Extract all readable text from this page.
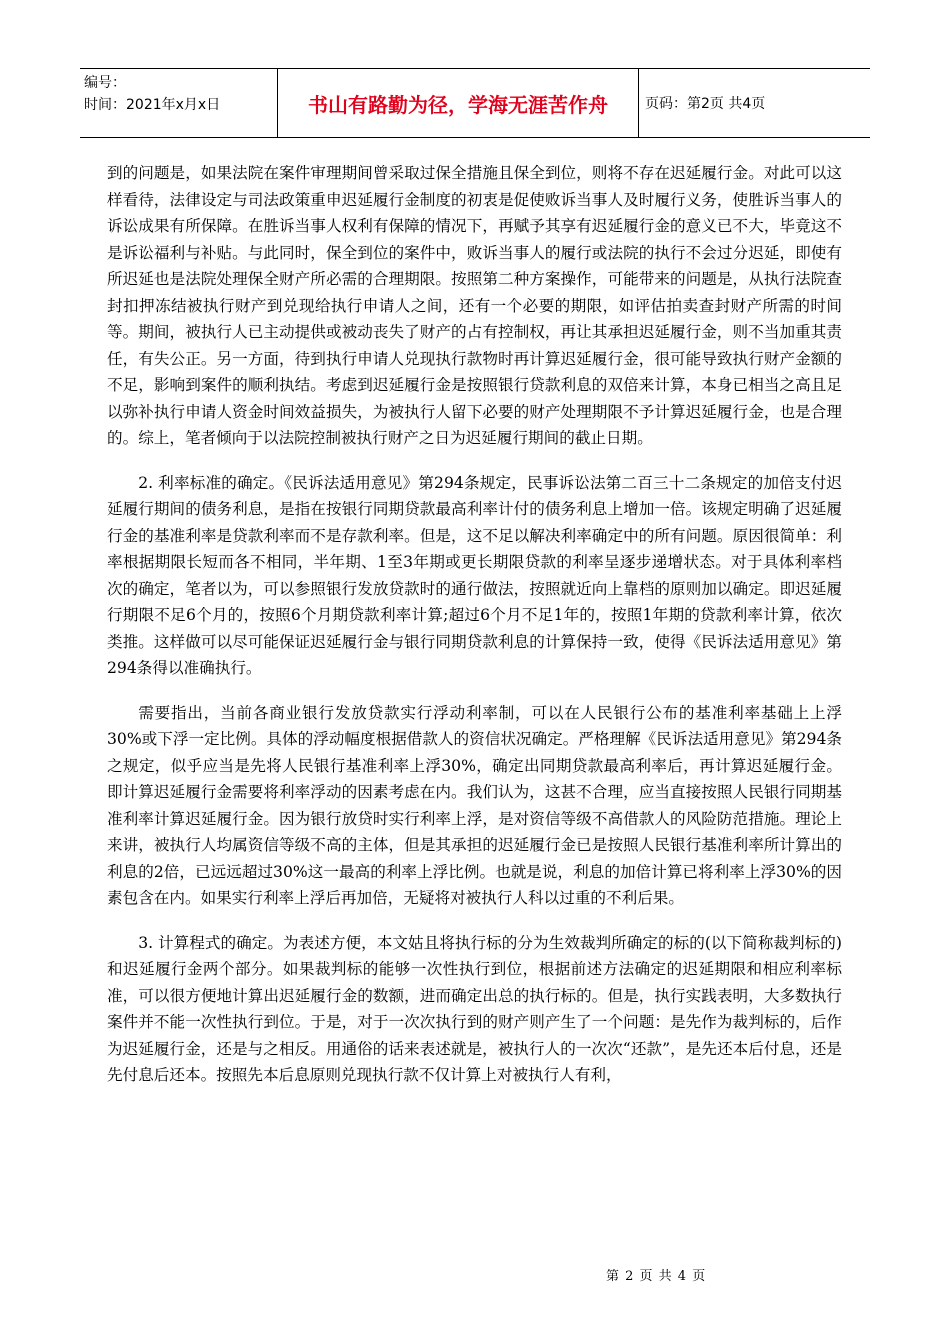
编号：
时间：2021年x月x日	书山有路勤为径，学海无涯苦作舟	页码：第2页 共4页

到的问题是，如果法院在案件审理期间曾采取过保全措施且保全到位，则将不存在迟延履行金。对此可以这样看待，法律设定与司法政策重申迟延履行金制度的初衷是促使败诉当事人及时履行义务，使胜诉当事人的诉讼成果有所保障。在胜诉当事人权利有保障的情况下，再赋予其享有迟延履行金的意义已不大，毕竟这不是诉讼福利与补贴。与此同时，保全到位的案件中，败诉当事人的履行或法院的执行不会过分迟延，即使有所迟延也是法院处理保全财产所必需的合理期限。按照第二种方案操作，可能带来的问题是，从执行法院查封扣押冻结被执行财产到兑现给执行申请人之间，还有一个必要的期限，如评估拍卖查封财产所需的时间等。期间，被执行人已主动提供或被动丧失了财产的占有控制权，再让其承担迟延履行金，则不当加重其责任，有失公正。另一方面，待到执行申请人兑现执行款物时再计算迟延履行金，很可能导致执行财产金额的不足，影响到案件的顺利执结。考虑到迟延履行金是按照银行贷款利息的双倍来计算，本身已相当之高且足以弥补执行申请人资金时间效益损失，为被执行人留下必要的财产处理期限不予计算迟延履行金，也是合理的。综上，笔者倾向于以法院控制被执行财产之日为迟延履行期间的截止日期。

2. 利率标准的确定。《民诉法适用意见》第294条规定，民事诉讼法第二百三十二条规定的加倍支付迟延履行期间的债务利息，是指在按银行同期贷款最高利率计付的债务利息上增加一倍。该规定明确了迟延履行金的基准利率是贷款利率而不是存款利率。但是，这不足以解决利率确定中的所有问题。原因很简单：利率根据期限长短而各不相同，半年期、1至3年期或更长期限贷款的利率呈逐步递增状态。对于具体利率档次的确定，笔者以为，可以参照银行发放贷款时的通行做法，按照就近向上靠档的原则加以确定。即迟延履行期限不足6个月的，按照6个月期贷款利率计算;超过6个月不足1年的，按照1年期的贷款利率计算，依次类推。这样做可以尽可能保证迟延履行金与银行同期贷款利息的计算保持一致，使得《民诉法适用意见》第294条得以准确执行。

需要指出，当前各商业银行发放贷款实行浮动利率制，可以在人民银行公布的基准利率基础上上浮30%或下浮一定比例。具体的浮动幅度根据借款人的资信状况确定。严格理解《民诉法适用意见》第294条之规定，似乎应当是先将人民银行基准利率上浮30%，确定出同期贷款最高利率后，再计算迟延履行金。即计算迟延履行金需要将利率浮动的因素考虑在内。我们认为，这甚不合理，应当直接按照人民银行同期基准利率计算迟延履行金。因为银行放贷时实行利率上浮，是对资信等级不高借款人的风险防范措施。理论上来讲，被执行人均属资信等级不高的主体，但是其承担的迟延履行金已是按照人民银行基准利率所计算出的利息的2倍，已远远超过30%这一最高的利率上浮比例。也就是说，利息的加倍计算已将利率上浮30%的因素包含在内。如果实行利率上浮后再加倍，无疑将对被执行人科以过重的不利后果。

3. 计算程式的确定。为表述方便，本文姑且将执行标的分为生效裁判所确定的标的(以下简称裁判标的)和迟延履行金两个部分。如果裁判标的能够一次性执行到位，根据前述方法确定的迟延期限和相应利率标准，可以很方便地计算出迟延履行金的数额，进而确定出总的执行标的。但是，执行实践表明，大多数执行案件并不能一次性执行到位。于是，对于一次次执行到的财产则产生了一个问题：是先作为裁判标的，后作为迟延履行金，还是与之相反。用通俗的话来表述就是，被执行人的一次次“还款”，是先还本后付息，还是先付息后还本。按照先本后息原则兑现执行款不仅计算上对被执行人有利，

第 2 页 共 4 页
